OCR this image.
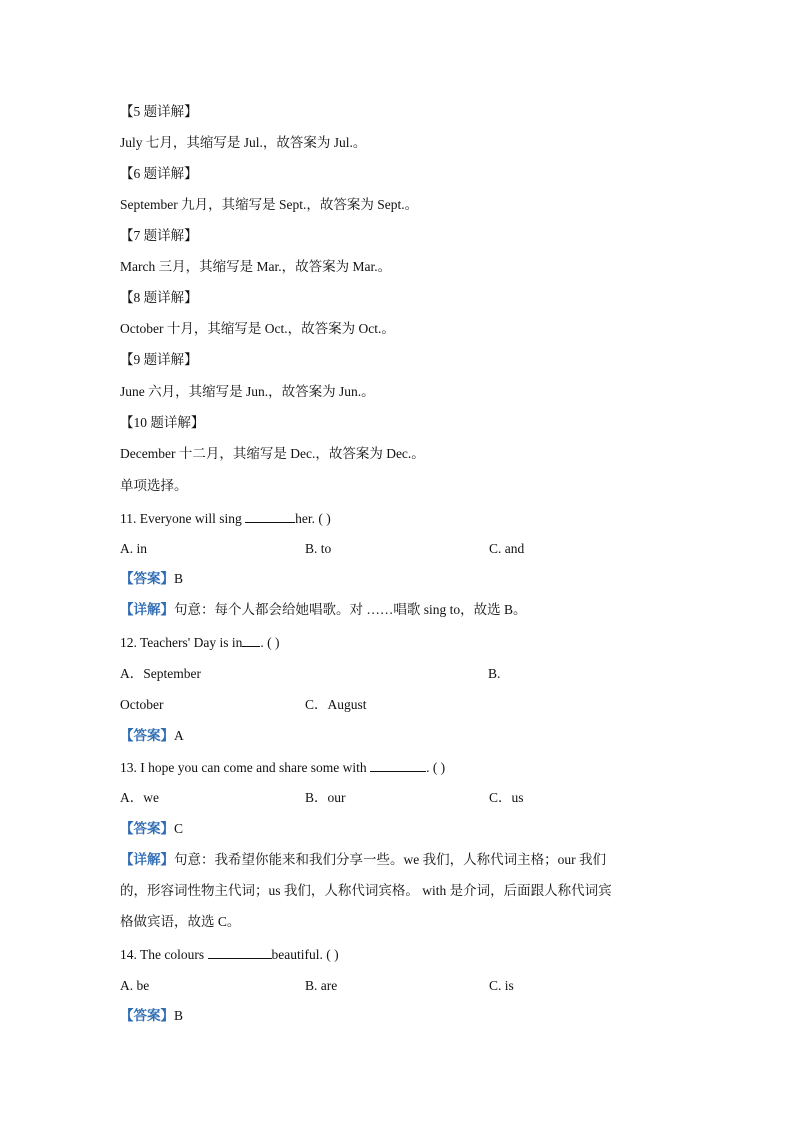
【5 题详解】
July 七月，其缩写是 Jul.，故答案为 Jul.。
【6 题详解】
September 九月，其缩写是 Sept.，故答案为 Sept.。
【7 题详解】
March 三月，其缩写是 Mar.，故答案为 Mar.。
【8 题详解】
October 十月，其缩写是 Oct.，故答案为 Oct.。
【9 题详解】
June 六月，其缩写是 Jun.，故答案为 Jun.。
【10 题详解】
December 十二月，其缩写是 Dec.，故答案为 Dec.。
单项选择。
11. Everyone will sing	her. ( )
A. in	B. to	C. and
【答案】B
【详解】句意：每个人都会给她唱歌。对 ……唱歌 sing to，故选 B。
12. Teachers' Day is in . ( )
A．September	B.
October	C．August
【答案】A
13. I hope you can come and share some with	. ( )
A．we	B．our	C．us
【答案】C
【详解】句意：我希望你能来和我们分享一些。we 我们，人称代词主格；our 我们
的，形容词性物主代词；us 我们，人称代词宾格。 with 是介词，后面跟人称代词宾
格做宾语，故选 C。
14. The colours	beautiful. ( )
A. be	B. are	C. is
【答案】B
